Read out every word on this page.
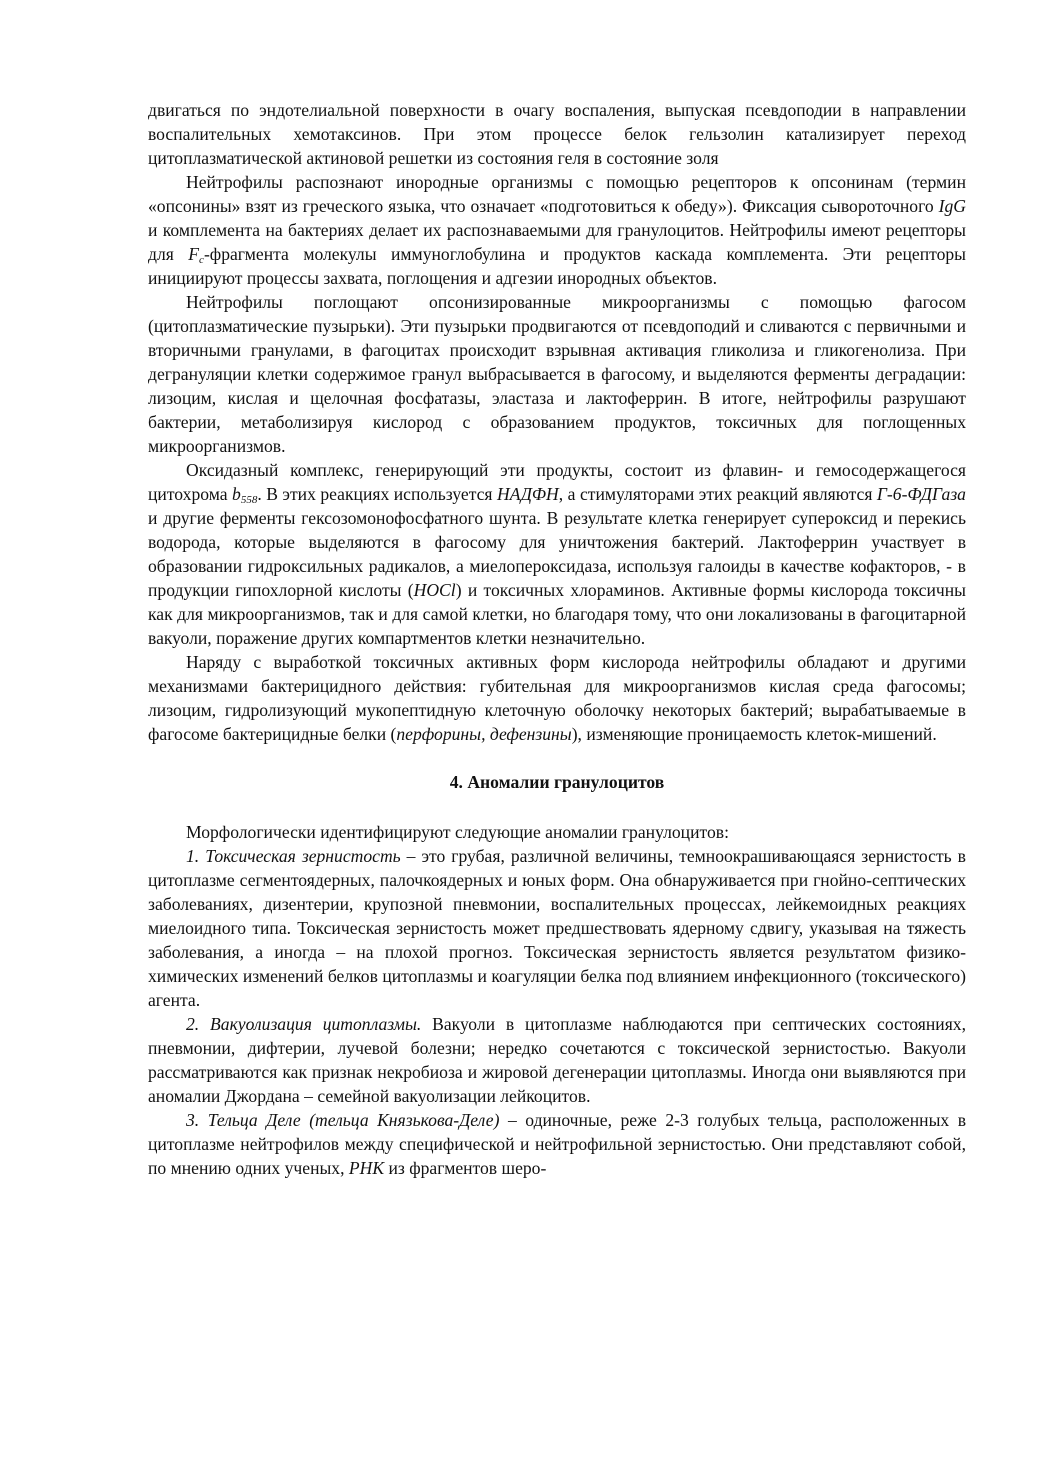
двигаться по эндотелиальной поверхности в очагу воспаления, выпуская псевдоподии в направлении воспалительных хемотаксинов. При этом процессе белок гельзолин катализирует переход цитоплазматической актиновой решетки из состояния геля в состояние золя

Нейтрофилы распознают инородные организмы с помощью рецепторов к опсонинам (термин «опсонины» взят из греческого языка, что означает «подготовиться к обеду»). Фиксация сывороточного IgG и комплемента на бактериях делает их распознаваемыми для гранулоцитов. Нейтрофилы имеют рецепторы для $F_c$-фрагмента молекулы иммуноглобулина и продуктов каскада комплемента. Эти рецепторы инициируют процессы захвата, поглощения и адгезии инородных объектов.

Нейтрофилы поглощают опсонизированные микроорганизмы с помощью фагосом (цитоплазматические пузырьки). Эти пузырьки продвигаются от псевдоподий и сливаются с первичными и вторичными гранулами, в фагоцитах происходит взрывная активация гликолиза и гликогенолиза. При дегрануляции клетки содержимое гранул выбрасывается в фагосому, и выделяются ферменты деградации: лизоцим, кислая и щелочная фосфатазы, эластаза и лактоферрин. В итоге, нейтрофилы разрушают бактерии, метаболизируя кислород с образованием продуктов, токсичных для поглощенных микроорганизмов.

Оксидазный комплекс, генерирующий эти продукты, состоит из флавин- и гемосодержащегося цитохрома $b_{558}$. В этих реакциях используется НАДФН, а стимуляторами этих реакций являются Г-6-ФДГаза и другие ферменты гексозомонофосфатного шунта. В результате клетка генерирует супероксид и перекись водорода, которые выделяются в фагосому для уничтожения бактерий. Лактоферрин участвует в образовании гидроксильных радикалов, а миелопероксидаза, используя галоиды в качестве кофакторов, - в продукции гипохлорной кислоты (HOCl) и токсичных хлораминов. Активные формы кислорода токсичны как для микроорганизмов, так и для самой клетки, но благодаря тому, что они локализованы в фагоцитарной вакуоли, поражение других компартментов клетки незначительно.

Наряду с выработкой токсичных активных форм кислорода нейтрофилы обладают и другими механизмами бактерицидного действия: губительная для микроорганизмов кислая среда фагосомы; лизоцим, гидролизующий мукопептидную клеточную оболочку некоторых бактерий; вырабатываемые в фагосоме бактерицидные белки (перфорины, дефензины), изменяющие проницаемость клеток-мишений.

4. Аномалии гранулоцитов

Морфологически идентифицируют следующие аномалии гранулоцитов:

1. Токсическая зернистость – это грубая, различной величины, темноокрашивающаяся зернистость в цитоплазме сегментоядерных, палочкоядерных и юных форм. Она обнаруживается при гнойно-септических заболеваниях, дизентерии, крупозной пневмонии, воспалительных процессах, лейкемоидных реакциях миелоидного типа. Токсическая зернистость может предшествовать ядерному сдвигу, указывая на тяжесть заболевания, а иногда – на плохой прогноз. Токсическая зернистость является результатом физико-химических изменений белков цитоплазмы и коагуляции белка под влиянием инфекционного (токсического) агента.

2. Вакуолизация цитоплазмы. Вакуоли в цитоплазме наблюдаются при септических состояниях, пневмонии, дифтерии, лучевой болезни; нередко сочетаются с токсической зернистостью. Вакуоли рассматриваются как признак некробиоза и жировой дегенерации цитоплазмы. Иногда они выявляются при аномалии Джордана – семейной вакуолизации лейкоцитов.

3. Тельца Деле (тельца Князькова-Деле) – одиночные, реже 2-3 голубых тельца, расположенных в цитоплазме нейтрофилов между специфической и нейтрофильной зернистостью. Они представляют собой, по мнению одних ученых, РНК из фрагментов шеро-
